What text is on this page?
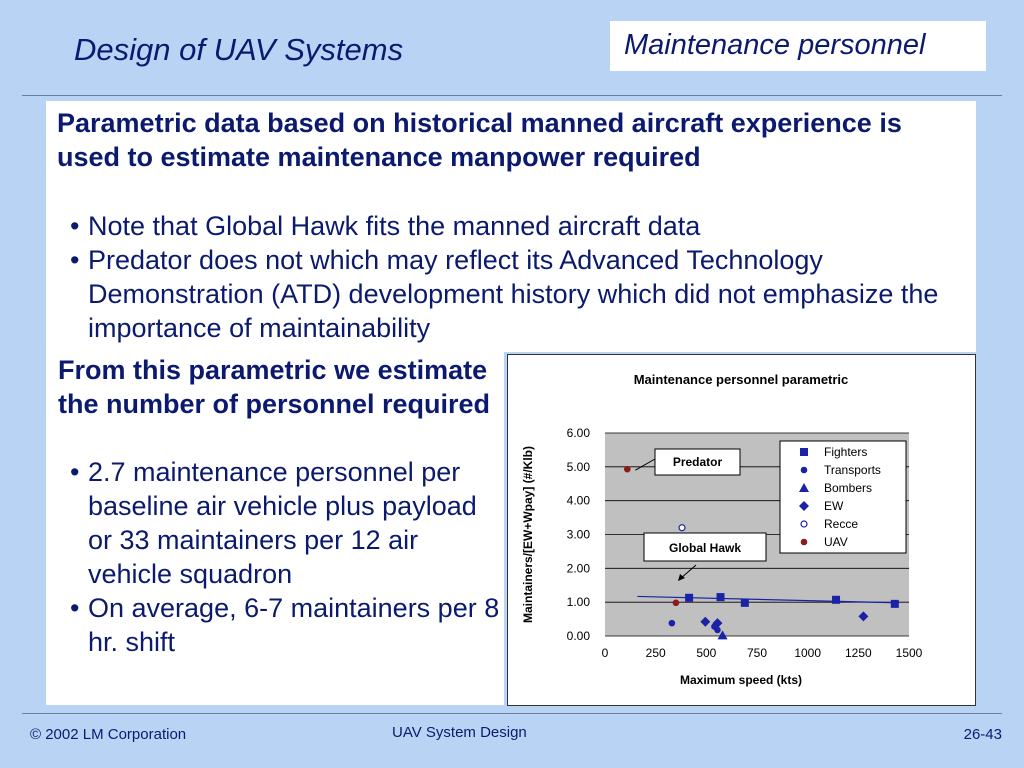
Design of UAV Systems	Maintenance personnel
Parametric data based on historical manned aircraft experience is used to estimate maintenance manpower required
• Note that Global Hawk fits the manned aircraft data
• Predator does not which may reflect its Advanced Technology Demonstration (ATD) development history which did not emphasize the importance of maintainability
From this parametric we estimate the number of personnel required
• 2.7 maintenance personnel per baseline air vehicle plus payload or 33 maintainers per 12 air vehicle squadron
• On average, 6-7 maintainers per 8 hr. shift
Maintenance personnel parametric
0.00
1.00
2.00
3.00
4.00
5.00
6.00
0	250	500	750 1000 1250 1500
Maximum speed (kts)
Maintainers/[EW+Wpay] (#/Klb)	Fighters
Transports
Bombers
EW
Recce
UAV
Predator
Global Hawk
© 2002 LM Corporation	UAV System Design	26-43
